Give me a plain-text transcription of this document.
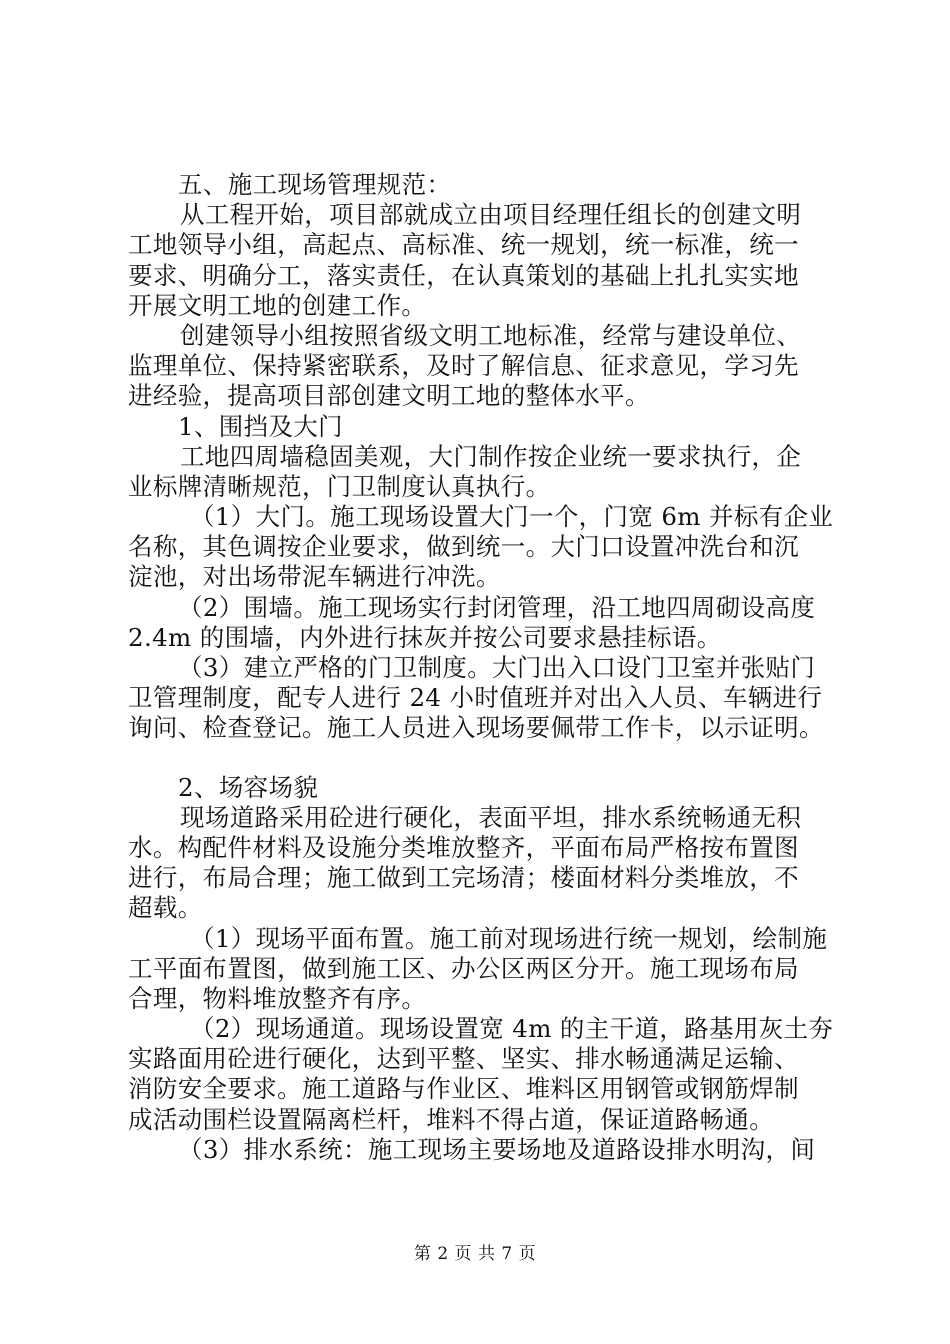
五、施工现场管理规范：
从工程开始，项目部就成立由项目经理任组长的创建文明
工地领导小组，高起点、高标准、统一规划，统一标准，统一
要求、明确分工，落实责任，在认真策划的基础上扎扎实实地
开展文明工地的创建工作。
创建领导小组按照省级文明工地标准，经常与建设单位、
监理单位、保持紧密联系，及时了解信息、征求意见，学习先
进经验，提高项目部创建文明工地的整体水平。
1、围挡及大门
工地四周墙稳固美观，大门制作按企业统一要求执行，企
业标牌清晰规范，门卫制度认真执行。
（1）大门。施工现场设置大门一个，门宽 6m 并标有企业
名称，其色调按企业要求，做到统一。大门口设置冲洗台和沉
淀池，对出场带泥车辆进行冲洗。
（2）围墙。施工现场实行封闭管理，沿工地四周砌设高度
2.4m 的围墙，内外进行抹灰并按公司要求悬挂标语。
（3）建立严格的门卫制度。大门出入口设门卫室并张贴门
卫管理制度，配专人进行 24 小时值班并对出入人员、车辆进行
询问、检查登记。施工人员进入现场要佩带工作卡，以示证明。
2、场容场貌
现场道路采用砼进行硬化，表面平坦，排水系统畅通无积
水。构配件材料及设施分类堆放整齐，平面布局严格按布置图
进行，布局合理；施工做到工完场清；楼面材料分类堆放，不
超载。
（1）现场平面布置。施工前对现场进行统一规划，绘制施
工平面布置图，做到施工区、办公区两区分开。施工现场布局
合理，物料堆放整齐有序。
（2）现场通道。现场设置宽 4m 的主干道，路基用灰土夯
实路面用砼进行硬化，达到平整、坚实、排水畅通满足运输、
消防安全要求。施工道路与作业区、堆料区用钢管或钢筋焊制
成活动围栏设置隔离栏杆，堆料不得占道，保证道路畅通。
（3）排水系统：施工现场主要场地及道路设排水明沟，间
第 2 页 共 7 页
